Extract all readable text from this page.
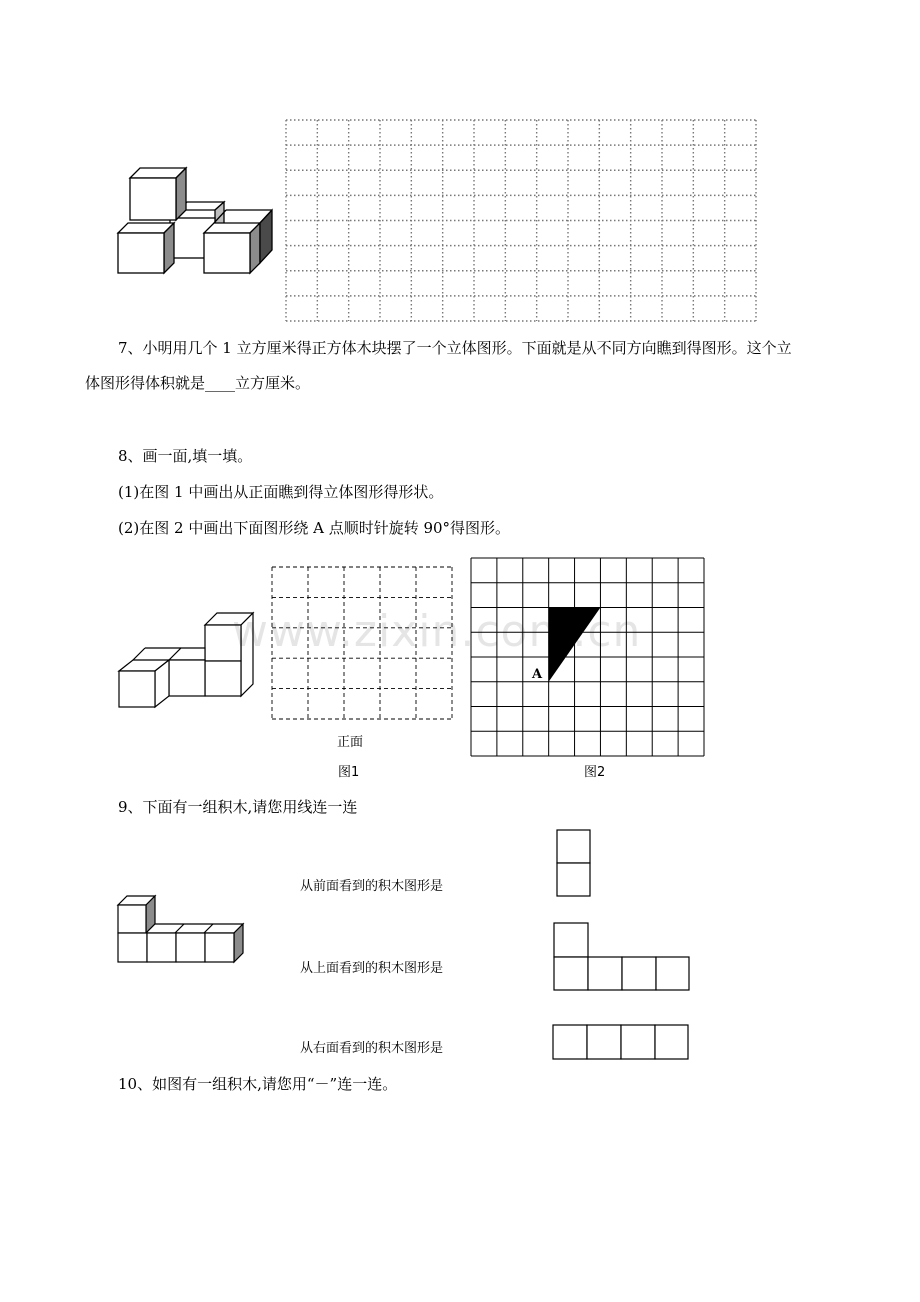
7、小明用几个 1 立方厘米得正方体木块摆了一个立体图形。下面就是从不同方向瞧到得图形。这个立
体图形得体积就是____立方厘米。
8、画一面,填一填。
(1)在图 1 中画出从正面瞧到得立体图形得形状。
(2)在图 2 中画出下面图形绕 A 点顺时针旋转 90°得图形。
正面
图1
A
图2
www.zixin.com.cn
9、下面有一组积木,请您用线连一连
从前面看到的积木图形是
从上面看到的积木图形是
从右面看到的积木图形是
10、如图有一组积木,请您用“－”连一连。
